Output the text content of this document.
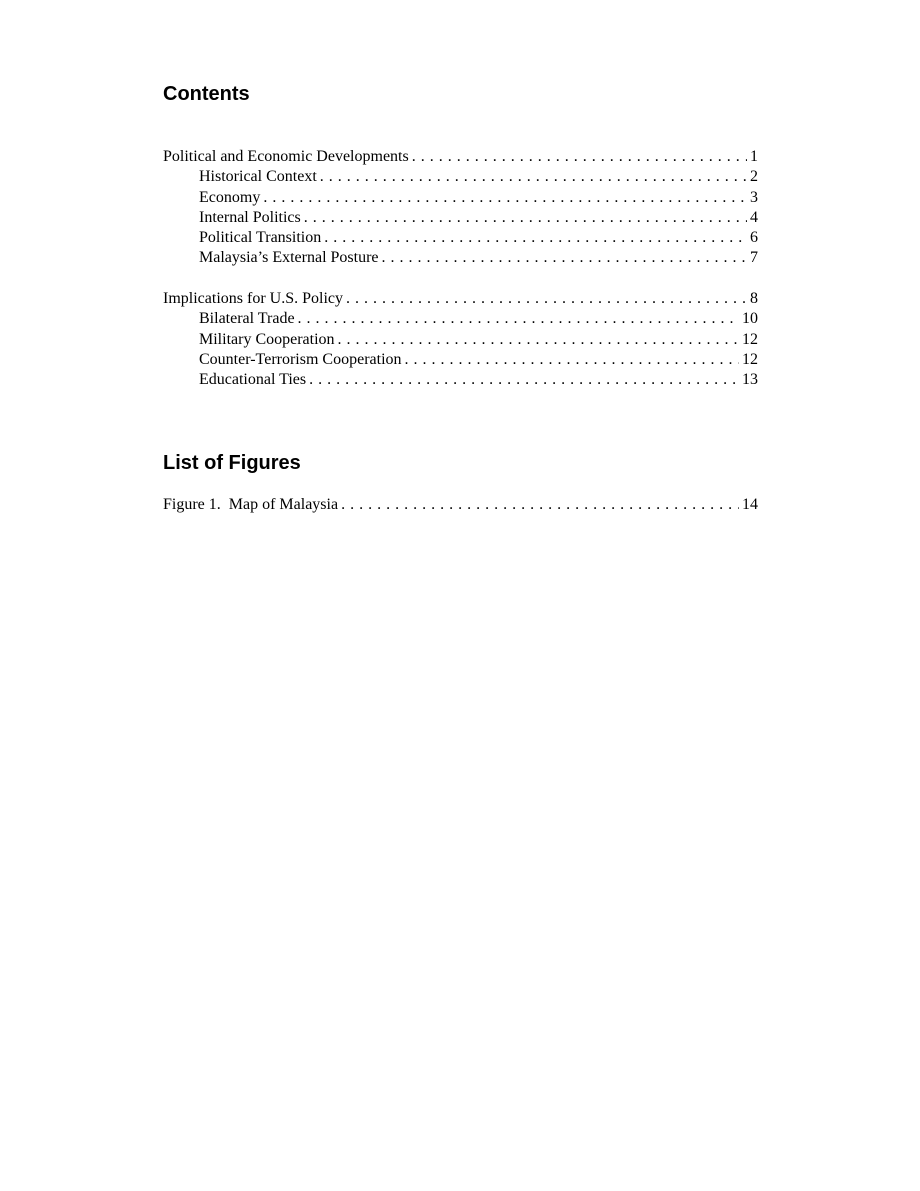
Contents
Political and Economic Developments . . .	1
Historical Context . . .	2
Economy . . .	3
Internal Politics . . .	4
Political Transition . . .	6
Malaysia’s External Posture . . .	7
Implications for U.S. Policy . . .	8
Bilateral Trade . . .	10
Military Cooperation . . .	12
Counter-Terrorism Cooperation . . .	12
Educational Ties . . .	13
List of Figures
Figure 1.  Map of Malaysia . . .	14
